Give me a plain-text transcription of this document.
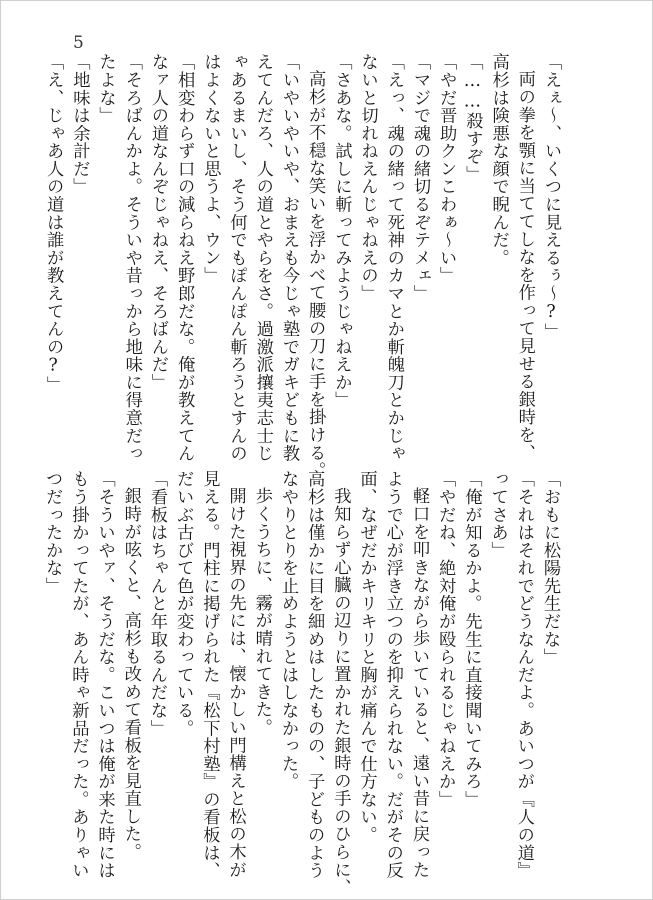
5
「えぇ〜、いくつに見えるぅ〜?」
両の拳を顎に当ててしなを作って見せる銀時を、
高杉は険悪な顔で睨んだ。
「……殺すぞ」
「やだ晋助クンこわぁ〜い」
「マジで魂の緒切るぞテメェ」
「えっ、魂の緒って死神のカマとか斬魄刀とかじゃ
ないと切れねえんじゃねえの」
「さあな。試しに斬ってみようじゃねえか」
高杉が不穏な笑いを浮かべて腰の刀に手を掛ける。
「いやいやいや、おまえも今じゃ塾でガキどもに教
えてんだろ、人の道とやらをさ。過激派攘夷志士じ
ゃあるまいし、そう何でもぽんぽん斬ろうとすんの
はよくないと思うよ、ウン」
「相変わらず口の減らねえ野郎だな。俺が教えてん
なァ人の道なんぞじゃねえ、そろばんだ」
「そろばんかよ。そういや昔っから地味に得意だっ
たよな」
「地味は余計だ」
「え、じゃあ人の道は誰が教えてんの?」
「おもに松陽先生だな」
「それはそれでどうなんだよ。あいつが『人の道』
ってさあ」
「俺が知るかよ。先生に直接聞いてみろ」
「やだね、絶対俺が殴られるじゃねえか」
軽口を叩きながら歩いていると、遠い昔に戻った
ようで心が浮き立つのを抑えられない。だがその反
面、なぜだかキリキリと胸が痛んで仕方ない。
我知らず心臓の辺りに置かれた銀時の手のひらに、
高杉は僅かに目を細めはしたものの、子どものよう
なやりとりを止めようとはしなかった。
歩くうちに、霧が晴れてきた。
開けた視界の先には、懐かしい門構えと松の木が
見える。門柱に掲げられた『松下村塾』の看板は、
だいぶ古びて色が変わっている。
「看板はちゃんと年取るんだな」
銀時が呟くと、高杉も改めて看板を見直した。
「そういやァ、そうだな。こいつは俺が来た時には
もう掛かってたが、あん時ゃ新品だった。ありゃい
つだったかな」
